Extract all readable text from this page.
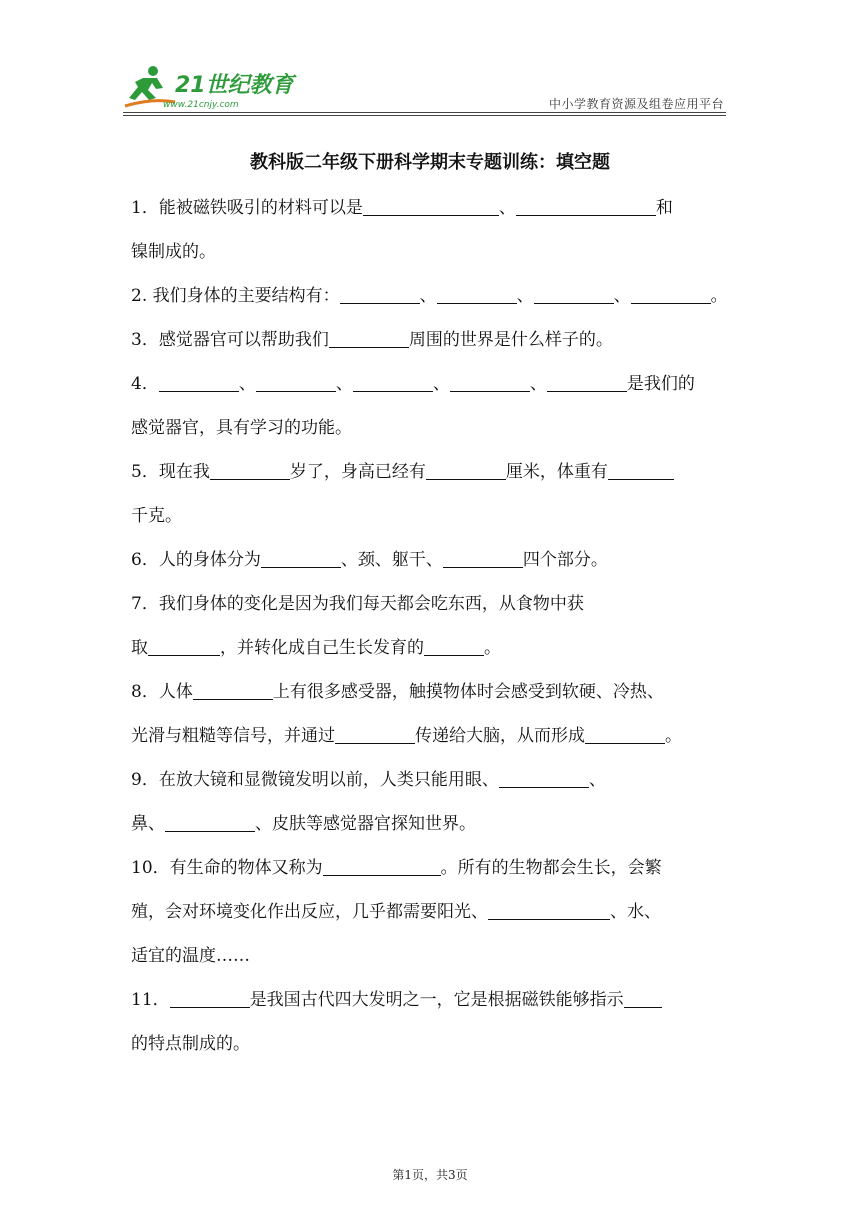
21世纪教育
www.21cnjy.com	中小学教育资源及组卷应用平台
教科版二年级下册科学期末专题训练：填空题

1．能被磁铁吸引的材料可以是	、	和

镍制成的。

2. 我们身体的主要结构有：	、	、	、	。

3．感觉器官可以帮助我们	周围的世界是什么样子的。

4．	、	、	、	、	是我们的

感觉器官，具有学习的功能。

5．现在我	岁了，身高已经有	厘米，体重有

千克。

6．人的身体分为	、颈、躯干、	四个部分。

7．我们身体的变化是因为我们每天都会吃东西，从食物中获

取	，并转化成自己生长发育的	。

8．人体	上有很多感受器，触摸物体时会感受到软硬、冷热、

光滑与粗糙等信号，并通过	传递给大脑，从而形成	。

9．在放大镜和显微镜发明以前，人类只能用眼、	、

鼻、	、皮肤等感觉器官探知世界。

10．有生命的物体又称为	。所有的生物都会生长，会繁

殖，会对环境变化作出反应，几乎都需要阳光、	、水、

适宜的温度……

11．	是我国古代四大发明之一，它是根据磁铁能够指示

的特点制成的。

第1页，共3页
